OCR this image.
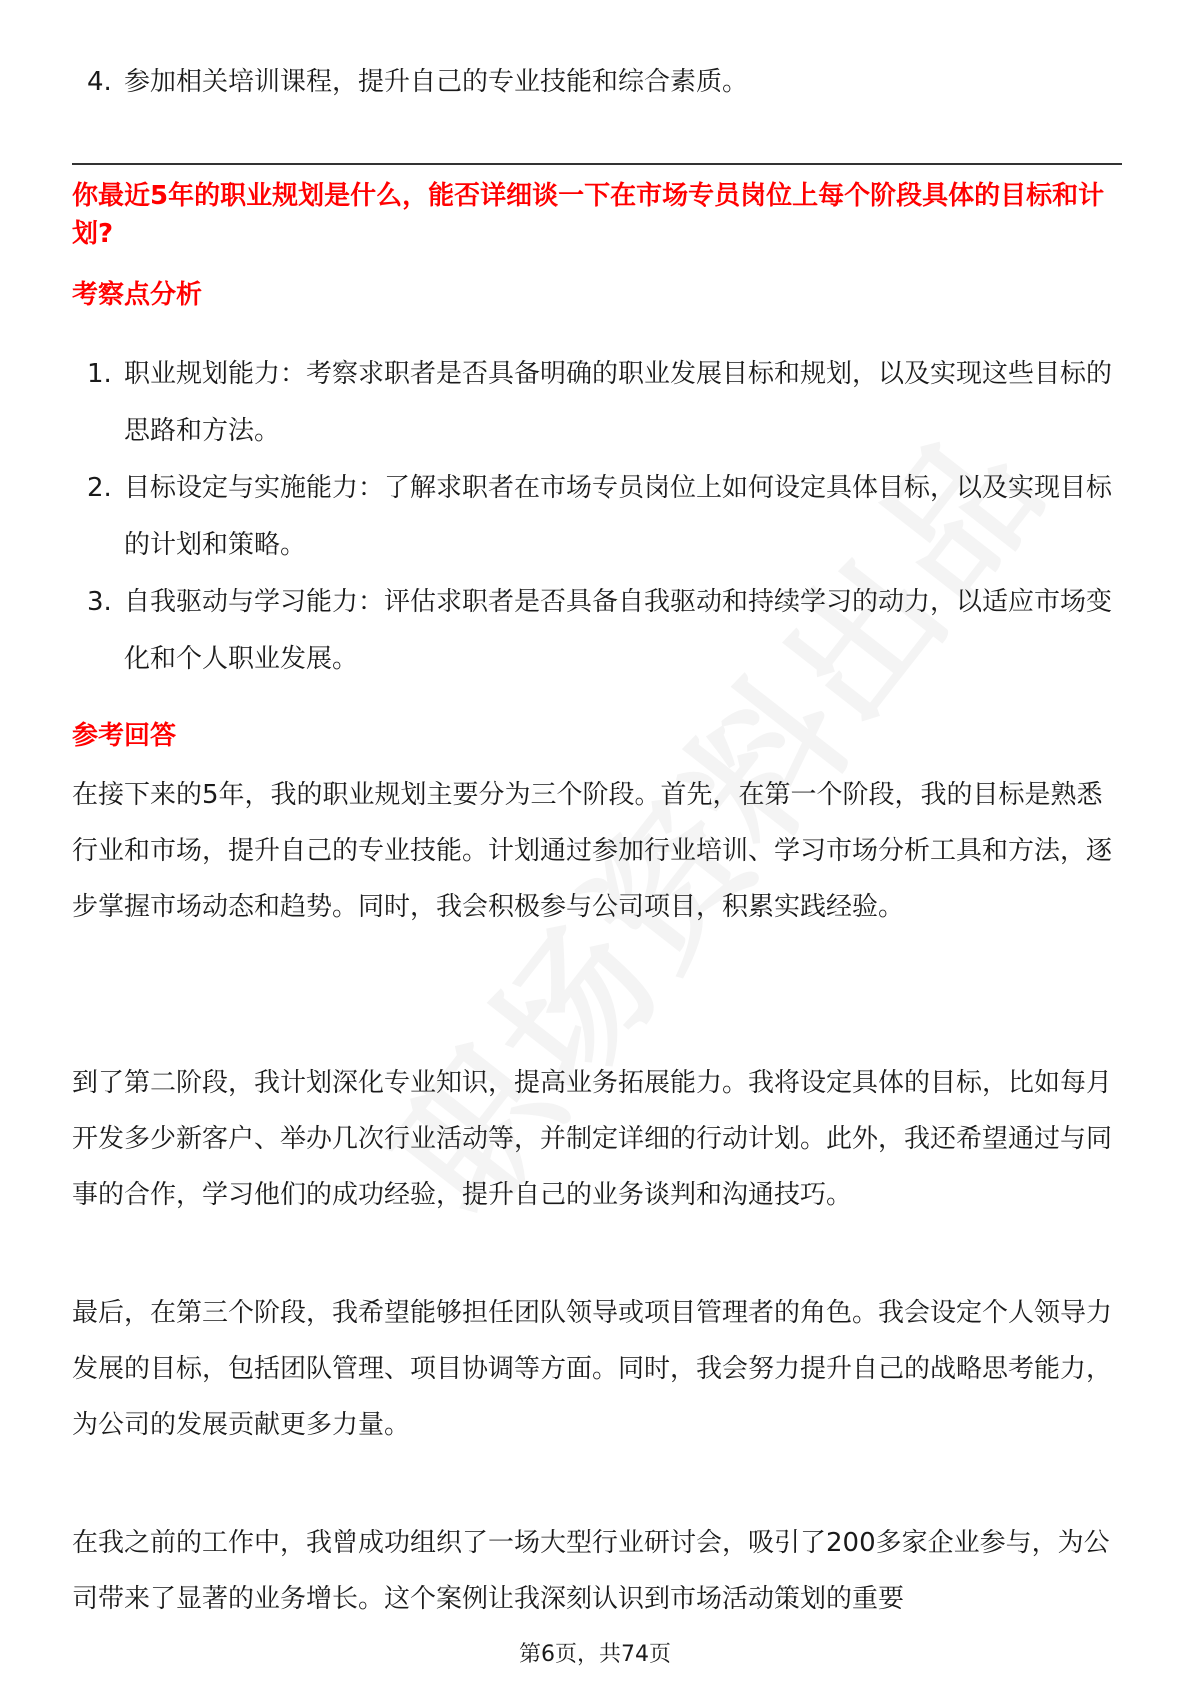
4. 参加相关培训课程，提升自己的专业技能和综合素质。
你最近5年的职业规划是什么，能否详细谈一下在市场专员岗位上每个阶段具体的目标和计划?
考察点分析
1. 职业规划能力：考察求职者是否具备明确的职业发展目标和规划，以及实现这些目标的思路和方法。
2. 目标设定与实施能力：了解求职者在市场专员岗位上如何设定具体目标，以及实现目标的计划和策略。
3. 自我驱动与学习能力：评估求职者是否具备自我驱动和持续学习的动力，以适应市场变化和个人职业发展。
参考回答
在接下来的5年，我的职业规划主要分为三个阶段。首先，在第一个阶段，我的目标是熟悉行业和市场，提升自己的专业技能。计划通过参加行业培训、学习市场分析工具和方法，逐步掌握市场动态和趋势。同时，我会积极参与公司项目，积累实践经验。
到了第二阶段，我计划深化专业知识，提高业务拓展能力。我将设定具体的目标，比如每月开发多少新客户、举办几次行业活动等，并制定详细的行动计划。此外，我还希望通过与同事的合作，学习他们的成功经验，提升自己的业务谈判和沟通技巧。
最后，在第三个阶段，我希望能够担任团队领导或项目管理者的角色。我会设定个人领导力发展的目标，包括团队管理、项目协调等方面。同时，我会努力提升自己的战略思考能力，为公司的发展贡献更多力量。
在我之前的工作中，我曾成功组织了一场大型行业研讨会，吸引了200多家企业参与，为公司带来了显著的业务增长。这个案例让我深刻认识到市场活动策划的重要
第6页，共74页
